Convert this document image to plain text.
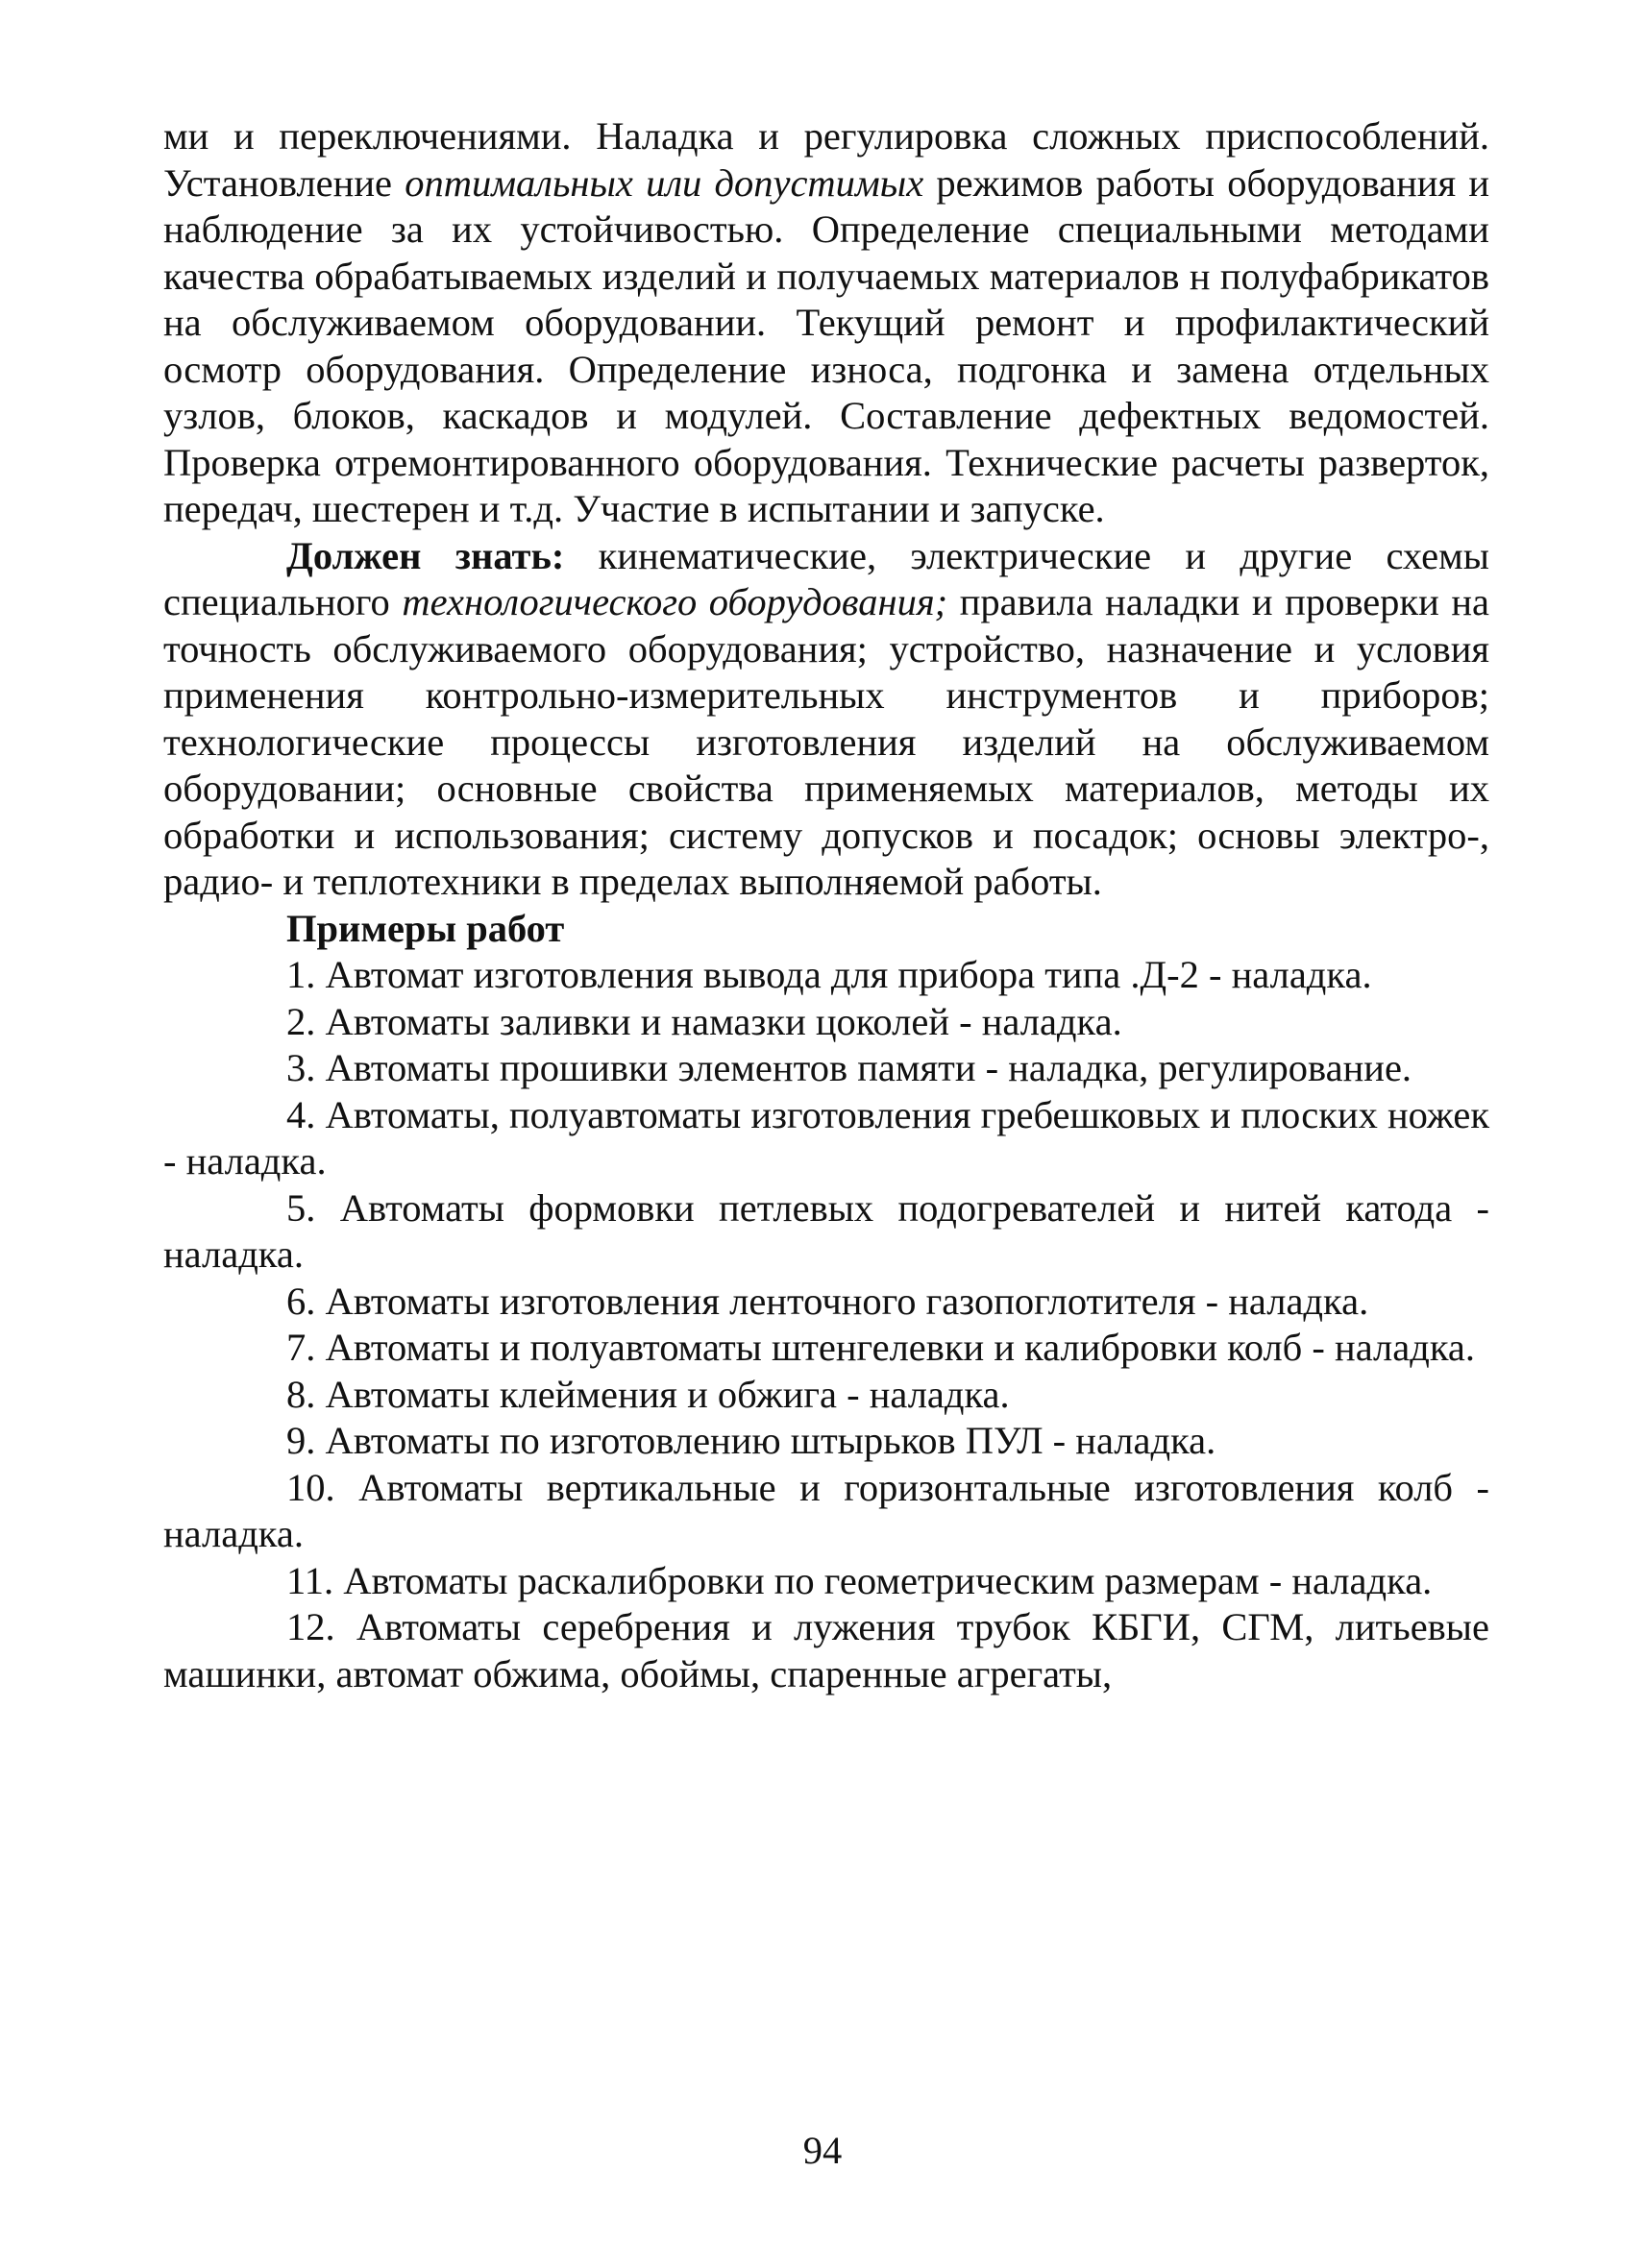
ми и переключениями. Наладка и регулировка сложных приспособлений. Установление оптимальных или допустимых режимов работы оборудования и наблюдение за их устойчивостью. Определение специальными методами качества обрабатываемых изделий и получаемых материалов н полуфабрикатов на обслуживаемом оборудовании. Текущий ремонт и профилактический осмотр оборудования. Определение износа, подгонка и замена отдельных узлов, блоков, каскадов и модулей. Составление дефектных ведомостей. Проверка отремонтированного оборудования. Технические расчеты разверток, передач, шестерен и т.д. Участие в испытании и запуске.

Должен знать: кинематические, электрические и другие схемы специального технологического оборудования; правила наладки и проверки на точность обслуживаемого оборудования; устройство, назначение и условия применения контрольно-измерительных инструментов и приборов; технологические процессы изготовления изделий на обслуживаемом оборудовании; основные свойства применяемых материалов, методы их обработки и использования; систему допусков и посадок; основы электро-, радио- и теплотехники в пределах выполняемой работы.

Примеры работ

1. Автомат изготовления вывода для прибора типа .Д-2 - наладка.

2. Автоматы заливки и намазки цоколей - наладка.

3. Автоматы прошивки элементов памяти - наладка, регулирование.

4. Автоматы, полуавтоматы изготовления гребешковых и плоских ножек - наладка.

5. Автоматы формовки петлевых подогревателей и нитей катода - наладка.

6. Автоматы изготовления ленточного газопоглотителя - наладка.

7. Автоматы и полуавтоматы штенгелевки и калибровки колб - наладка.

8. Автоматы клеймения и обжига - наладка.

9. Автоматы по изготовлению штырьков ПУЛ - наладка.

10. Автоматы вертикальные и горизонтальные изготовления колб - наладка.

11. Автоматы раскалибровки по геометрическим размерам - наладка.

12. Автоматы серебрения и лужения трубок КБГИ, СГМ, литьевые машинки, автомат обжима, обоймы, спаренные агрегаты,

94
